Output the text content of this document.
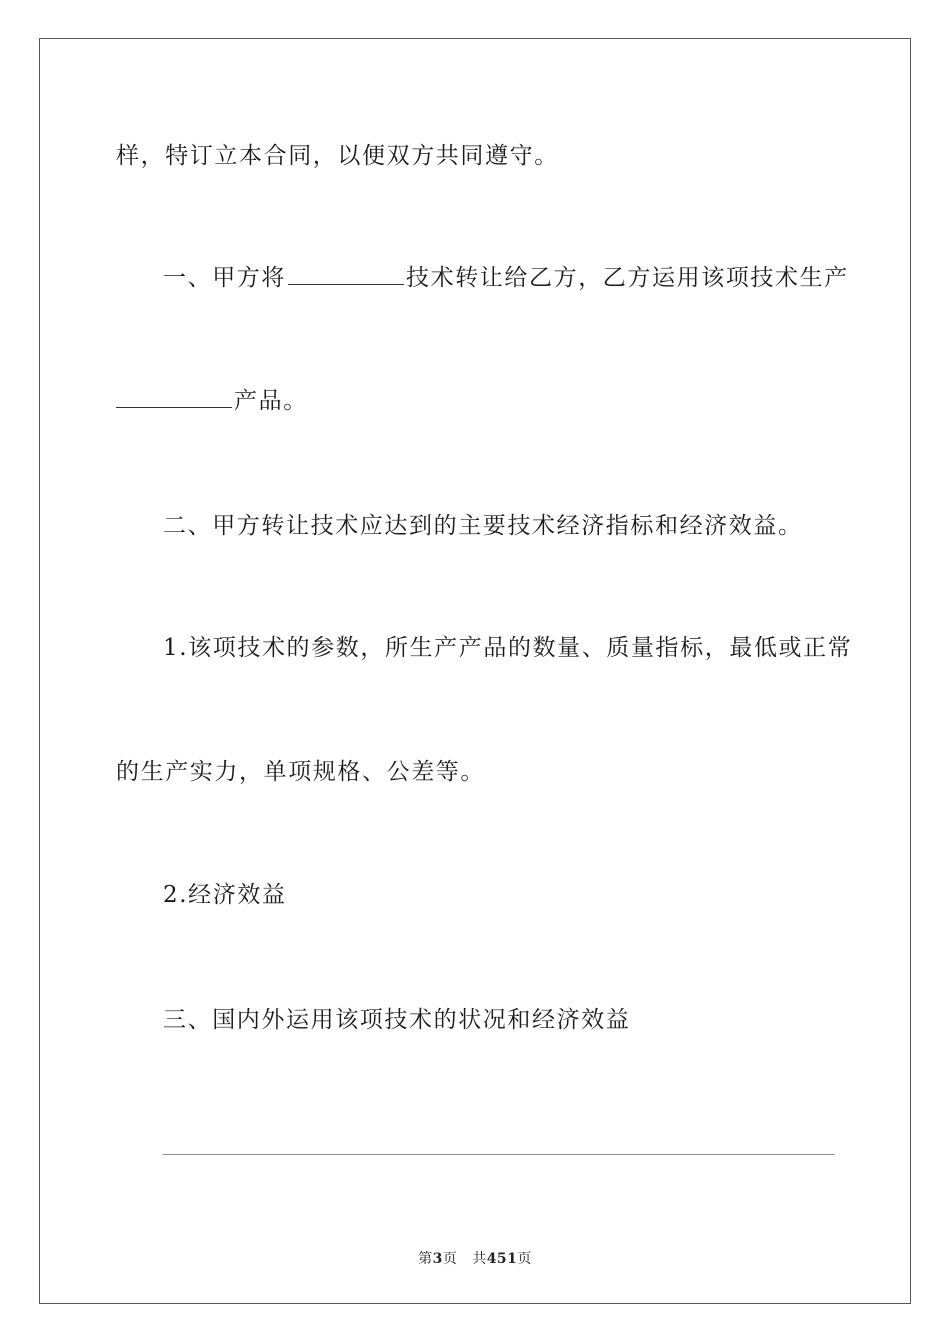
样，特订立本合同，以便双方共同遵守。
一、甲方将	技术转让给乙方，乙方运用该项技术生产
产品。
二、甲方转让技术应达到的主要技术经济指标和经济效益。
1.该项技术的参数，所生产产品的数量、质量指标，最低或正常
的生产实力，单项规格、公差等。
2.经济效益
三、国内外运用该项技术的状况和经济效益
第3页 共451页
